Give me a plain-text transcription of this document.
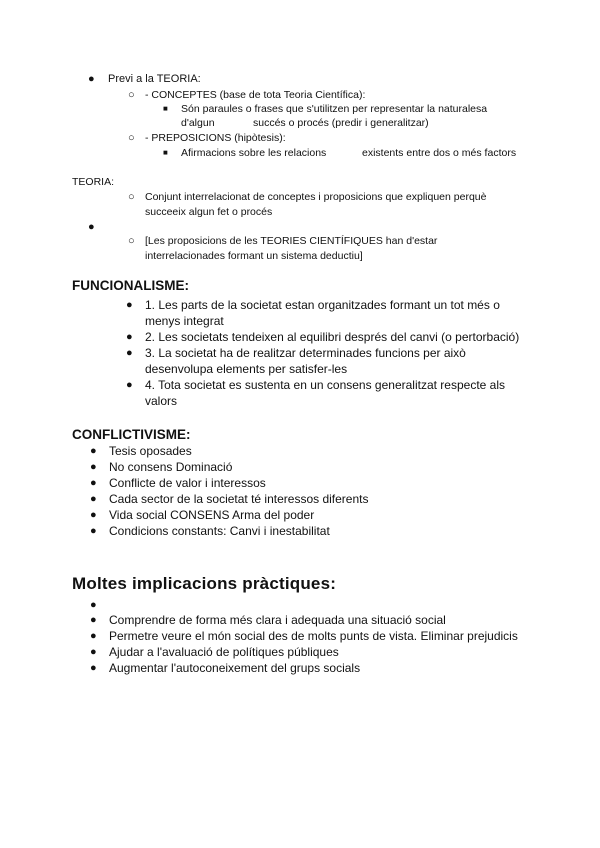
● Previ a la TEORIA:
○ - CONCEPTES (base de tota Teoria Científica):
■ Són paraules o frases que s'utilitzen per representar la naturalesa
d'algun	succés o procés (predir i generalitzar)
○ - PREPOSICIONS (hipòtesis):
■ Afirmacions sobre les relacions	existents entre dos o més factors
TEORIA:
○ Conjunt interrelacionat de conceptes i proposicions que expliquen perquè
succeeix algun fet o procés
●
○ [Les proposicions de les TEORIES CIENTÍFIQUES han d'estar
interrelacionades formant un sistema deductiu]
FUNCIONALISME:
● 1. Les parts de la societat estan organitzades formant un tot més o
menys integrat
● 2. Les societats tendeixen al equilibri després del canvi (o pertorbació)
● 3. La societat ha de realitzar determinades funcions per això
desenvolupa elements per satisfer-les
● 4. Tota societat es sustenta en un consens generalitzat respecte als
valors
CONFLICTIVISME:
● Tesis oposades
● No consens Dominació
● Conflicte de valor i interessos
● Cada sector de la societat té interessos diferents
● Vida social CONSENS Arma del poder
● Condicions constants: Canvi i inestabilitat
Moltes implicacions pràctiques:
●
● Comprendre de forma més clara i adequada una situació social
● Permetre veure el món social des de molts punts de vista. Eliminar prejudicis
● Ajudar a l'avaluació de polítiques públiques
● Augmentar l'autoconeixement del grups socials
